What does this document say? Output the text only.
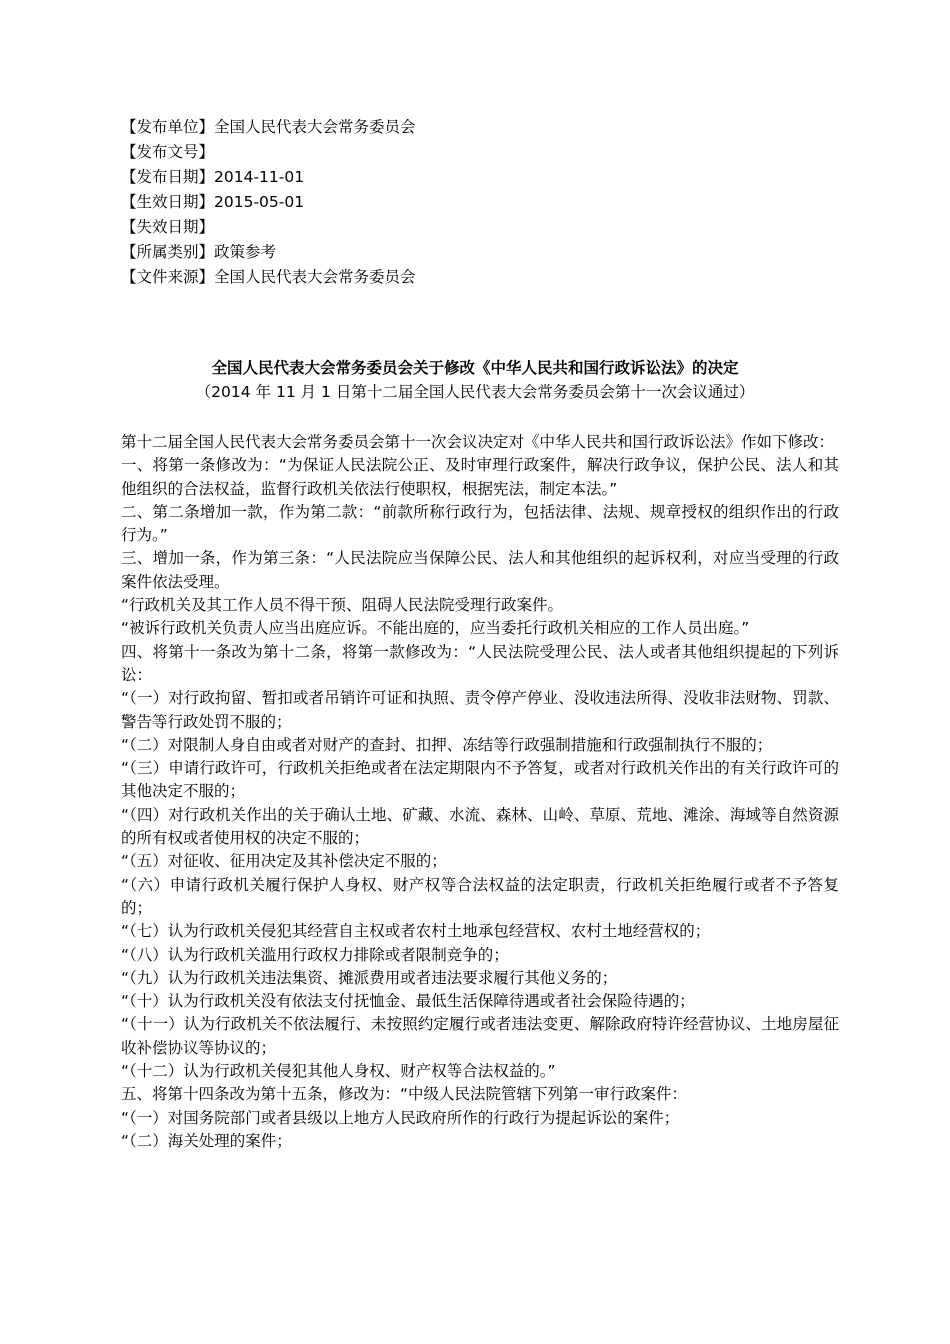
【发布单位】全国人民代表大会常务委员会
【发布文号】
【发布日期】2014-11-01
【生效日期】2015-05-01
【失效日期】
【所属类别】政策参考
【文件来源】全国人民代表大会常务委员会
全国人民代表大会常务委员会关于修改《中华人民共和国行政诉讼法》的决定
（2014 年 11 月 1 日第十二届全国人民代表大会常务委员会第十一次会议通过）

第十二届全国人民代表大会常务委员会第十一次会议决定对《中华人民共和国行政诉讼法》作如下修改：

一、将第一条修改为：“为保证人民法院公正、及时审理行政案件，解决行政争议，保护公民、法人和其他组织的合法权益，监督行政机关依法行使职权，根据宪法，制定本法。”

二、第二条增加一款，作为第二款：“前款所称行政行为，包括法律、法规、规章授权的组织作出的行政行为。”

三、增加一条，作为第三条：“人民法院应当保障公民、法人和其他组织的起诉权利，对应当受理的行政案件依法受理。

“行政机关及其工作人员不得干预、阻碍人民法院受理行政案件。

“被诉行政机关负责人应当出庭应诉。不能出庭的，应当委托行政机关相应的工作人员出庭。”

四、将第十一条改为第十二条，将第一款修改为：“人民法院受理公民、法人或者其他组织提起的下列诉讼：

“（一）对行政拘留、暂扣或者吊销许可证和执照、责令停产停业、没收违法所得、没收非法财物、罚款、警告等行政处罚不服的；

“（二）对限制人身自由或者对财产的查封、扣押、冻结等行政强制措施和行政强制执行不服的；

“（三）申请行政许可，行政机关拒绝或者在法定期限内不予答复，或者对行政机关作出的有关行政许可的其他决定不服的；

“（四）对行政机关作出的关于确认土地、矿藏、水流、森林、山岭、草原、荒地、滩涂、海域等自然资源的所有权或者使用权的决定不服的；

“（五）对征收、征用决定及其补偿决定不服的；

“（六）申请行政机关履行保护人身权、财产权等合法权益的法定职责，行政机关拒绝履行或者不予答复的；

“（七）认为行政机关侵犯其经营自主权或者农村土地承包经营权、农村土地经营权的；

“（八）认为行政机关滥用行政权力排除或者限制竞争的；

“（九）认为行政机关违法集资、摊派费用或者违法要求履行其他义务的；

“（十）认为行政机关没有依法支付抚恤金、最低生活保障待遇或者社会保险待遇的；

“（十一）认为行政机关不依法履行、未按照约定履行或者违法变更、解除政府特许经营协议、土地房屋征收补偿协议等协议的；

“（十二）认为行政机关侵犯其他人身权、财产权等合法权益的。”

五、将第十四条改为第十五条，修改为：“中级人民法院管辖下列第一审行政案件：

“（一）对国务院部门或者县级以上地方人民政府所作的行政行为提起诉讼的案件；

“（二）海关处理的案件；
